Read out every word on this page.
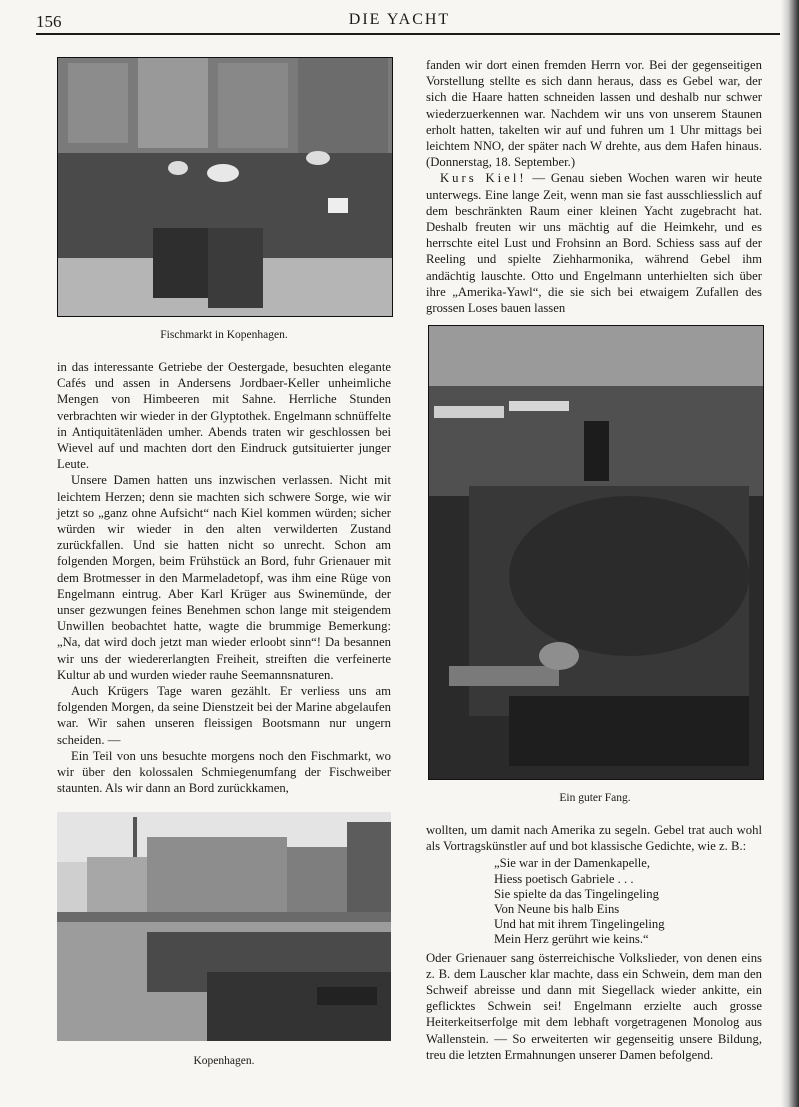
156	DIE YACHT
Fischmarkt in Kopenhagen.

fanden wir dort einen fremden Herrn vor. Bei der gegenseitigen Vorstellung stellte es sich dann heraus, dass es Gebel war, der sich die Haare hatten schneiden lassen und deshalb nur schwer wiederzuerkennen war. Nachdem wir uns von unserem Staunen erholt hatten, takelten wir auf und fuhren um 1 Uhr mittags bei leichtem NNO, der später nach W drehte, aus dem Hafen hinaus. (Donnerstag, 18. September.)

Kurs Kiel! — Genau sieben Wochen waren wir heute unterwegs. Eine lange Zeit, wenn man sie fast ausschliesslich auf dem beschränkten Raum einer kleinen Yacht zugebracht hat. Deshalb freuten wir uns mächtig auf die Heimkehr, und es herrschte eitel Lust und Frohsinn an Bord. Schiess sass auf der Reeling und spielte Ziehharmonika, während Gebel ihm andächtig lauschte. Otto und Engelmann unterhielten sich über ihre „Amerika-Yawl“, die sie sich bei etwaigem Zufallen des grossen Loses bauen lassen

Ein guter Fang.

in das interessante Getriebe der Oestergade, besuchten elegante Cafés und assen in Andersens Jordbaer-Keller unheimliche Mengen von Himbeeren mit Sahne. Herrliche Stunden verbrachten wir wieder in der Glyptothek. Engelmann schnüffelte in Antiquitätenläden umher. Abends traten wir geschlossen bei Wievel auf und machten dort den Eindruck gutsituierter junger Leute.

Unsere Damen hatten uns inzwischen verlassen. Nicht mit leichtem Herzen; denn sie machten sich schwere Sorge, wie wir jetzt so „ganz ohne Aufsicht“ nach Kiel kommen würden; sicher würden wir wieder in den alten verwilderten Zustand zurückfallen. Und sie hatten nicht so unrecht. Schon am folgenden Morgen, beim Frühstück an Bord, fuhr Grienauer mit dem Brotmesser in den Marmeladetopf, was ihm eine Rüge von Engelmann eintrug. Aber Karl Krüger aus Swinemünde, der unser gezwungen feines Benehmen schon lange mit steigendem Unwillen beobachtet hatte, wagte die brummige Bemerkung: „Na, dat wird doch jetzt man wieder erloobt sinn“! Da besannen wir uns der wiedererlangten Freiheit, streiften die verfeinerte Kultur ab und wurden wieder rauhe Seemannsnaturen.

Auch Krügers Tage waren gezählt. Er verliess uns am folgenden Morgen, da seine Dienstzeit bei der Marine abgelaufen war. Wir sahen unseren fleissigen Bootsmann nur ungern scheiden. —

Ein Teil von uns besuchte morgens noch den Fischmarkt, wo wir über den kolossalen Schmiegenumfang der Fischweiber staunten. Als wir dann an Bord zurückkamen,

Kopenhagen.

wollten, um damit nach Amerika zu segeln. Gebel trat auch wohl als Vortragskünstler auf und bot klassische Gedichte, wie z. B.:

„Sie war in der Damenkapelle,
Hiess poetisch Gabriele . . .
Sie spielte da das Tingelingeling
Von Neune bis halb Eins
Und hat mit ihrem Tingelingeling
Mein Herz gerührt wie keins.“

Oder Grienauer sang österreichische Volkslieder, von denen eins z. B. dem Lauscher klar machte, dass ein Schwein, dem man den Schweif abreisse und dann mit Siegellack wieder ankitte, ein geflicktes Schwein sei! Engelmann erzielte auch grosse Heiterkeitserfolge mit dem lebhaft vorgetragenen Monolog aus Wallenstein. — So erweiterten wir gegenseitig unsere Bildung, treu die letzten Ermahnungen unserer Damen befolgend.
